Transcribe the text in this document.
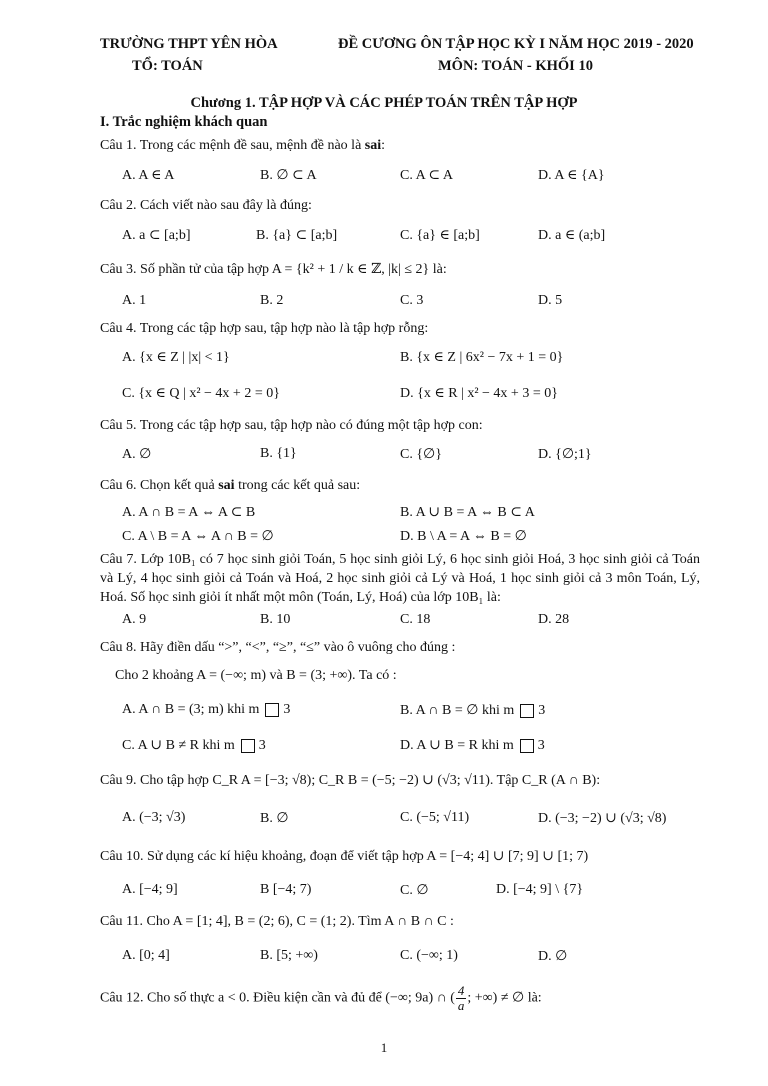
TRƯỜNG THPT YÊN HÒA	ĐỀ CƯƠNG ÔN TẬP HỌC KỲ I NĂM HỌC 2019 - 2020
TỔ: TOÁN	MÔN: TOÁN - KHỐI 10
Chương 1. TẬP HỢP VÀ CÁC PHÉP TOÁN TRÊN TẬP HỢP
I. Trắc nghiệm khách quan
Câu 1. Trong các mệnh đề sau, mệnh đề nào là sai:
A. A ∈ A	B. ∅ ⊂ A	C. A ⊂ A	D. A ∈ {A}
Câu 2. Cách viết nào sau đây là đúng:
A. a ⊂ [a;b]	B. {a} ⊂ [a;b]	C. {a} ∈ [a;b]	D. a ∈ (a;b]
Câu 3. Số phần tử của tập hợp A = {k² + 1 / k ∈ ℤ, |k| ≤ 2} là:
A. 1	B. 2	C. 3	D. 5
Câu 4. Trong các tập hợp sau, tập hợp nào là tập hợp rỗng:
A. {x ∈ Z | |x| < 1}	B. {x ∈ Z | 6x² − 7x + 1 = 0}
C. {x ∈ Q | x² − 4x + 2 = 0}	D. {x ∈ R | x² − 4x + 3 = 0}
Câu 5. Trong các tập hợp sau, tập hợp nào có đúng một tập hợp con:
A. ∅	B. {1}	C. {∅}	D. {∅;1}
Câu 6. Chọn kết quả sai trong các kết quả sau:
A. A ∩ B = A ⇔ A ⊂ B	B. A ∪ B = A ⇔ B ⊂ A
C. A \ B = A ⇔ A ∩ B = ∅	D. B \ A = A ⇔ B = ∅
Câu 7. Lớp 10B₁ có 7 học sinh giỏi Toán, 5 học sinh giỏi Lý, 6 học sinh giỏi Hoá, 3 học sinh giỏi cả Toán và Lý, 4 học sinh giỏi cả Toán và Hoá, 2 học sinh giỏi cả Lý và Hoá, 1 học sinh giỏi cả 3 môn Toán, Lý, Hoá. Số học sinh giỏi ít nhất một môn (Toán, Lý, Hoá) của lớp 10B₁ là:
A. 9	B. 10	C. 18	D. 28
Câu 8. Hãy điền dấu “>”, “<”, “≥”, “≤” vào ô vuông cho đúng :
Cho 2 khoảng A = (−∞; m) và B = (3; +∞). Ta có :
A. A ∩ B = (3; m) khi m 3	B. A ∩ B = ∅ khi m 3
C. A ∪ B ≠ R khi m 3	D. A ∪ B = R khi m 3
Câu 9. Cho tập hợp C_R A = [−3; √8); C_R B = (−5; −2) ∪ (√3; √11). Tập C_R (A ∩ B):
A. (−3; √3)	B. ∅	C. (−5; √11)	D. (−3; −2) ∪ (√3; √8)
Câu 10. Sử dụng các kí hiệu khoảng, đoạn để viết tập hợp A = [−4; 4] ∪ [7; 9] ∪ [1; 7)
A. [−4; 9]	B [−4; 7)	C. ∅	D. [−4; 9] \ {7}
Câu 11. Cho A = [1; 4], B = (2; 6), C = (1; 2). Tìm A ∩ B ∩ C :
A. [0; 4]	B. [5; +∞)	C. (−∞; 1)	D. ∅
Câu 12. Cho số thực a < 0. Điều kiện cần và đủ để (−∞; 9a) ∩ ( $\frac{4}{a}$ ; +∞) ≠ ∅ là:
1
